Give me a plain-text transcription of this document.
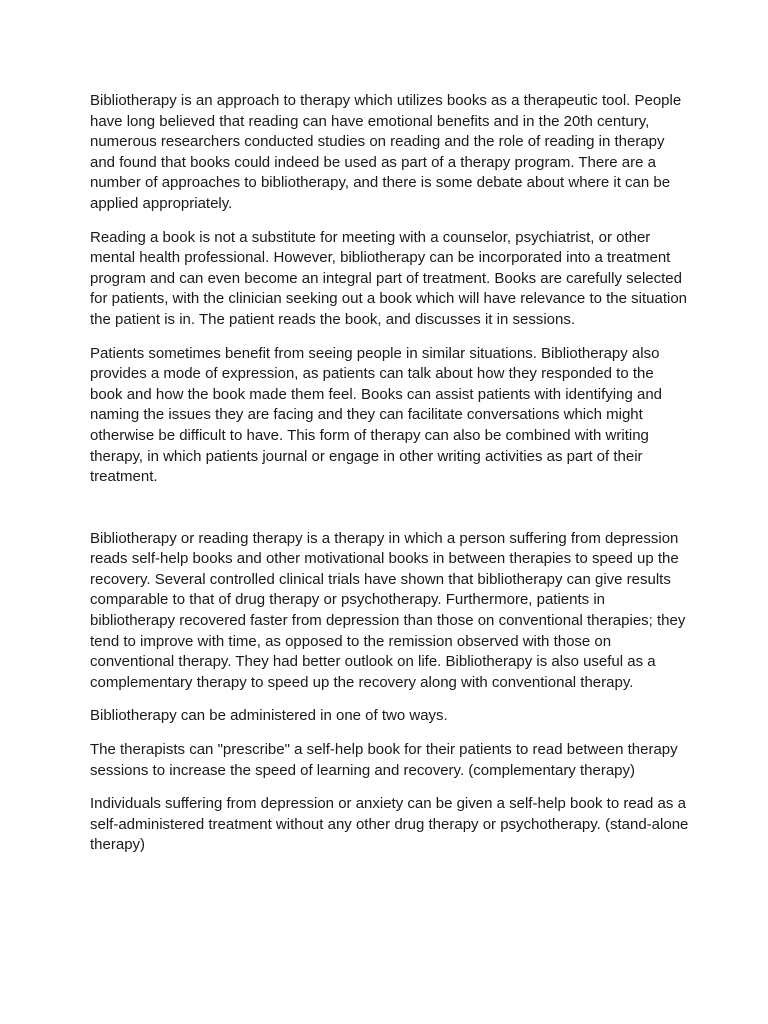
Bibliotherapy is an approach to therapy which utilizes books as a therapeutic tool. People have long believed that reading can have emotional benefits and in the 20th century, numerous researchers conducted studies on reading and the role of reading in therapy and found that books could indeed be used as part of a therapy program. There are a number of approaches to bibliotherapy, and there is some debate about where it can be applied appropriately.

Reading a book is not a substitute for meeting with a counselor, psychiatrist, or other mental health professional. However, bibliotherapy can be incorporated into a treatment program and can even become an integral part of treatment. Books are carefully selected for patients, with the clinician seeking out a book which will have relevance to the situation the patient is in. The patient reads the book, and discusses it in sessions.

Patients sometimes benefit from seeing people in similar situations. Bibliotherapy also provides a mode of expression, as patients can talk about how they responded to the book and how the book made them feel. Books can assist patients with identifying and naming the issues they are facing and they can facilitate conversations which might otherwise be difficult to have. This form of therapy can also be combined with writing therapy, in which patients journal or engage in other writing activities as part of their treatment.

Bibliotherapy or reading therapy is a therapy in which a person suffering from depression reads self-help books and other motivational books in between therapies to speed up the recovery. Several controlled clinical trials have shown that bibliotherapy can give results comparable to that of drug therapy or psychotherapy. Furthermore, patients in bibliotherapy recovered faster from depression than those on conventional therapies; they tend to improve with time, as opposed to the remission observed with those on conventional therapy. They had better outlook on life. Bibliotherapy is also useful as a complementary therapy to speed up the recovery along with conventional therapy.

Bibliotherapy can be administered in one of two ways.

The therapists can "prescribe" a self-help book for their patients to read between therapy sessions to increase the speed of learning and recovery. (complementary therapy)

Individuals suffering from depression or anxiety can be given a self-help book to read as a self-administered treatment without any other drug therapy or psychotherapy. (stand-alone therapy)
